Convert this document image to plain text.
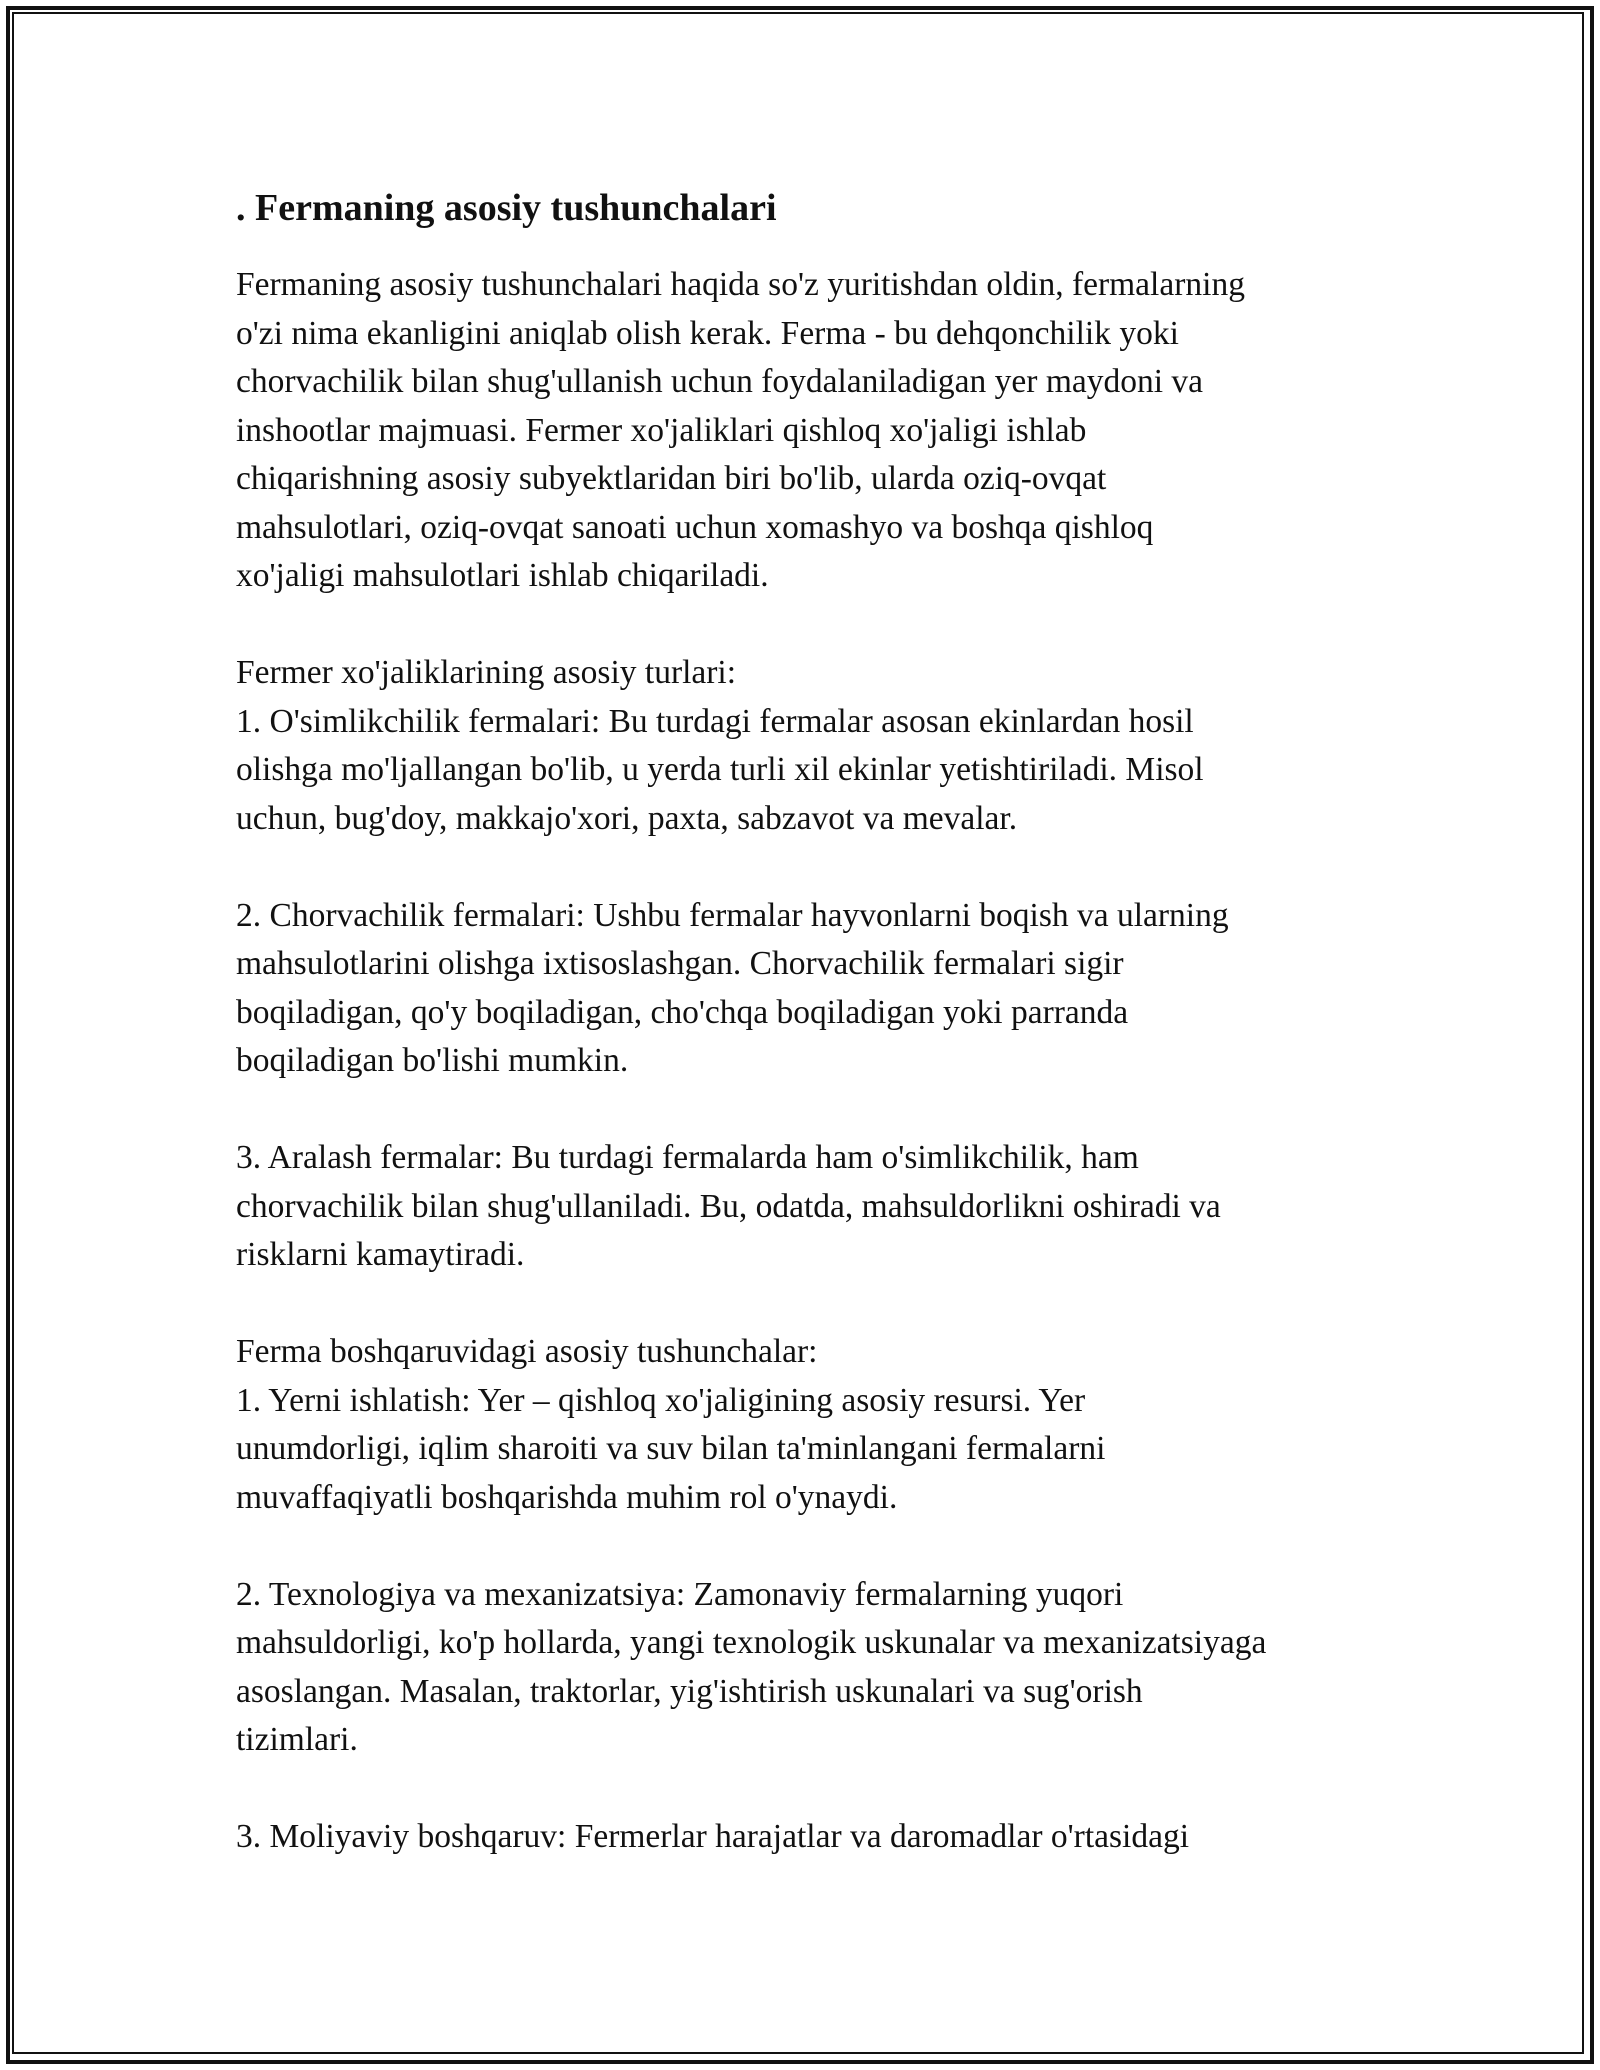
. Fermaning asosiy tushunchalari
Fermaning asosiy tushunchalari haqida so'z yuritishdan oldin, fermalarning
o'zi nima ekanligini aniqlab olish kerak. Ferma - bu dehqonchilik yoki
chorvachilik bilan shug'ullanish uchun foydalaniladigan yer maydoni va
inshootlar majmuasi. Fermer xo'jaliklari qishloq xo'jaligi ishlab
chiqarishning asosiy subyektlaridan biri bo'lib, ularda oziq-ovqat
mahsulotlari, oziq-ovqat sanoati uchun xomashyo va boshqa qishloq
xo'jaligi mahsulotlari ishlab chiqariladi.
Fermer xo'jaliklarining asosiy turlari:
1. O'simlikchilik fermalari: Bu turdagi fermalar asosan ekinlardan hosil
olishga mo'ljallangan bo'lib, u yerda turli xil ekinlar yetishtiriladi. Misol
uchun, bug'doy, makkajo'xori, paxta, sabzavot va mevalar.
2. Chorvachilik fermalari: Ushbu fermalar hayvonlarni boqish va ularning
mahsulotlarini olishga ixtisoslashgan. Chorvachilik fermalari sigir
boqiladigan, qo'y boqiladigan, cho'chqa boqiladigan yoki parranda
boqiladigan bo'lishi mumkin.
3. Aralash fermalar: Bu turdagi fermalarda ham o'simlikchilik, ham
chorvachilik bilan shug'ullaniladi. Bu, odatda, mahsuldorlikni oshiradi va
risklarni kamaytiradi.
Ferma boshqaruvidagi asosiy tushunchalar:
1. Yerni ishlatish: Yer – qishloq xo'jaligining asosiy resursi. Yer
unumdorligi, iqlim sharoiti va suv bilan ta'minlangani fermalarni
muvaffaqiyatli boshqarishda muhim rol o'ynaydi.
2. Texnologiya va mexanizatsiya: Zamonaviy fermalarning yuqori
mahsuldorligi, ko'p hollarda, yangi texnologik uskunalar va mexanizatsiyaga
asoslangan. Masalan, traktorlar, yig'ishtirish uskunalari va sug'orish
tizimlari.
3. Moliyaviy boshqaruv: Fermerlar harajatlar va daromadlar o'rtasidagi
